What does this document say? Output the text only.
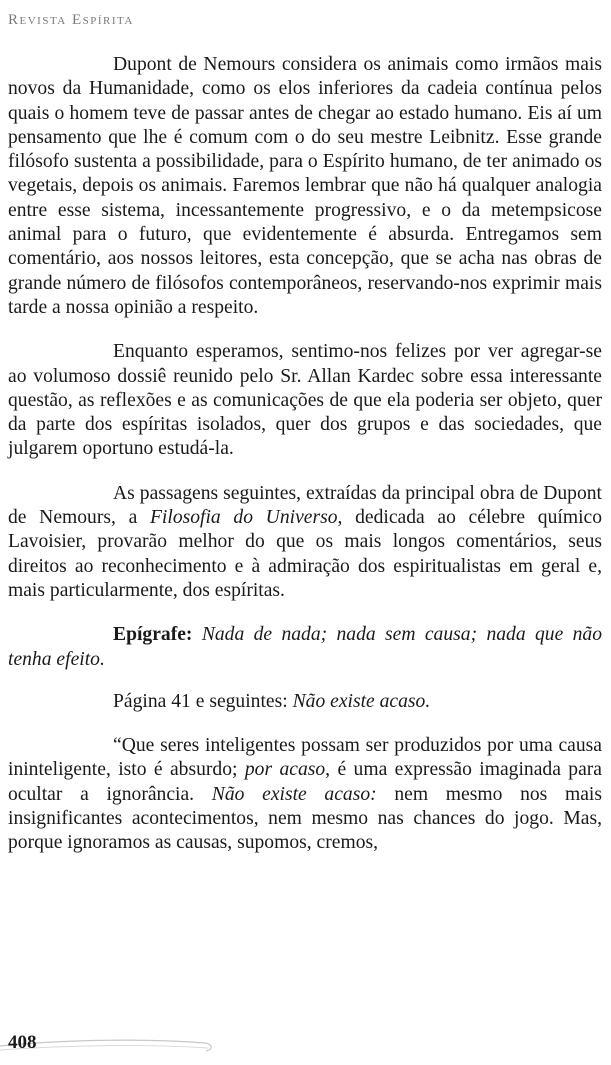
Revista Espírita

Dupont de Nemours considera os animais como irmãos mais novos da Humanidade, como os elos inferiores da cadeia contínua pelos quais o homem teve de passar antes de chegar ao estado humano. Eis aí um pensamento que lhe é comum com o do seu mestre Leibnitz. Esse grande filósofo sustenta a possibilidade, para o Espírito humano, de ter animado os vegetais, depois os animais. Faremos lembrar que não há qualquer analogia entre esse sistema, incessantemente progressivo, e o da metempsicose animal para o futuro, que evidentemente é absurda. Entregamos sem comentário, aos nossos leitores, esta concepção, que se acha nas obras de grande número de filósofos contemporâneos, reservando-nos exprimir mais tarde a nossa opinião a respeito.

Enquanto esperamos, sentimo-nos felizes por ver agregar-se ao volumoso dossiê reunido pelo Sr. Allan Kardec sobre essa interessante questão, as reflexões e as comunicações de que ela poderia ser objeto, quer da parte dos espíritas isolados, quer dos grupos e das sociedades, que julgarem oportuno estudá-la.

As passagens seguintes, extraídas da principal obra de Dupont de Nemours, a Filosofia do Universo, dedicada ao célebre químico Lavoisier, provarão melhor do que os mais longos comentários, seus direitos ao reconhecimento e à admiração dos espiritualistas em geral e, mais particularmente, dos espíritas.

Epígrafe: Nada de nada; nada sem causa; nada que não tenha efeito.

Página 41 e seguintes: Não existe acaso.

“Que seres inteligentes possam ser produzidos por uma causa ininteligente, isto é absurdo; por acaso, é uma expressão imaginada para ocultar a ignorância. Não existe acaso: nem mesmo nos mais insignificantes acontecimentos, nem mesmo nas chances do jogo. Mas, porque ignoramos as causas, supomos, cremos,

408
